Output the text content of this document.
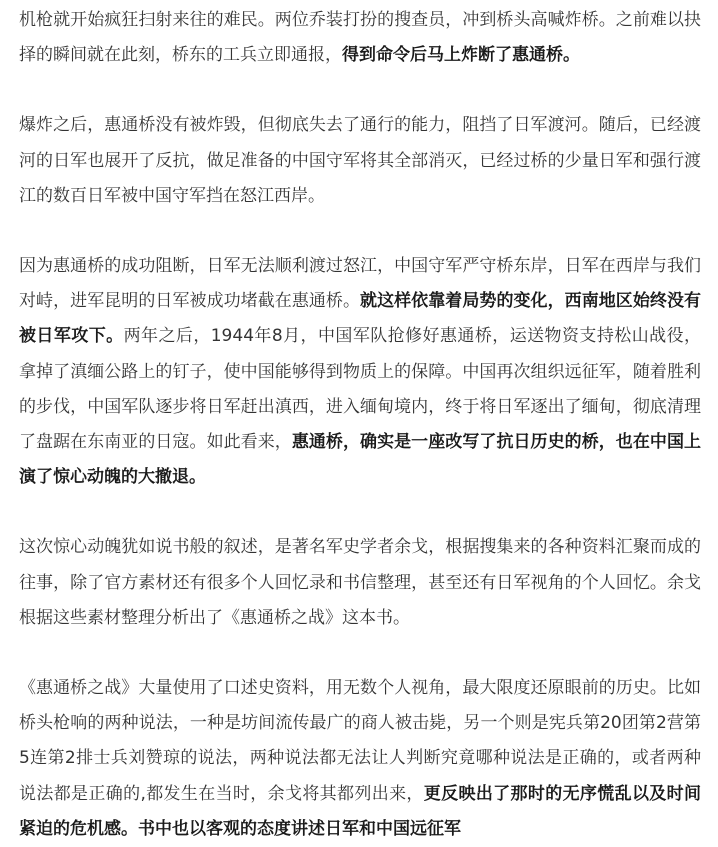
机枪就开始疯狂扫射来往的难民。两位乔装打扮的搜查员，冲到桥头高喊炸桥。之前难以抉择的瞬间就在此刻，桥东的工兵立即通报，得到命令后马上炸断了惠通桥。

爆炸之后，惠通桥没有被炸毁，但彻底失去了通行的能力，阻挡了日军渡河。随后，已经渡河的日军也展开了反抗，做足准备的中国守军将其全部消灭，已经过桥的少量日军和强行渡江的数百日军被中国守军挡在怒江西岸。

因为惠通桥的成功阻断，日军无法顺利渡过怒江，中国守军严守桥东岸，日军在西岸与我们对峙，进军昆明的日军被成功堵截在惠通桥。就这样依靠着局势的变化，西南地区始终没有被日军攻下。两年之后，1944年8月，中国军队抢修好惠通桥，运送物资支持松山战役，拿掉了滇缅公路上的钉子，使中国能够得到物质上的保障。中国再次组织远征军，随着胜利的步伐，中国军队逐步将日军赶出滇西，进入缅甸境内，终于将日军逐出了缅甸，彻底清理了盘踞在东南亚的日寇。如此看来，惠通桥，确实是一座改写了抗日历史的桥，也在中国上演了惊心动魄的大撤退。

这次惊心动魄犹如说书般的叙述，是著名军史学者余戈，根据搜集来的各种资料汇聚而成的往事，除了官方素材还有很多个人回忆录和书信整理，甚至还有日军视角的个人回忆。余戈根据这些素材整理分析出了《惠通桥之战》这本书。

《惠通桥之战》大量使用了口述史资料，用无数个人视角，最大限度还原眼前的历史。比如桥头枪响的两种说法，一种是坊间流传最广的商人被击毙，另一个则是宪兵第20团第2营第5连第2排士兵刘赞琼的说法，两种说法都无法让人判断究竟哪种说法是正确的，或者两种说法都是正确的,都发生在当时，余戈将其都列出来，更反映出了那时的无序慌乱以及时间紧迫的危机感。书中也以客观的态度讲述日军和中国远征军
